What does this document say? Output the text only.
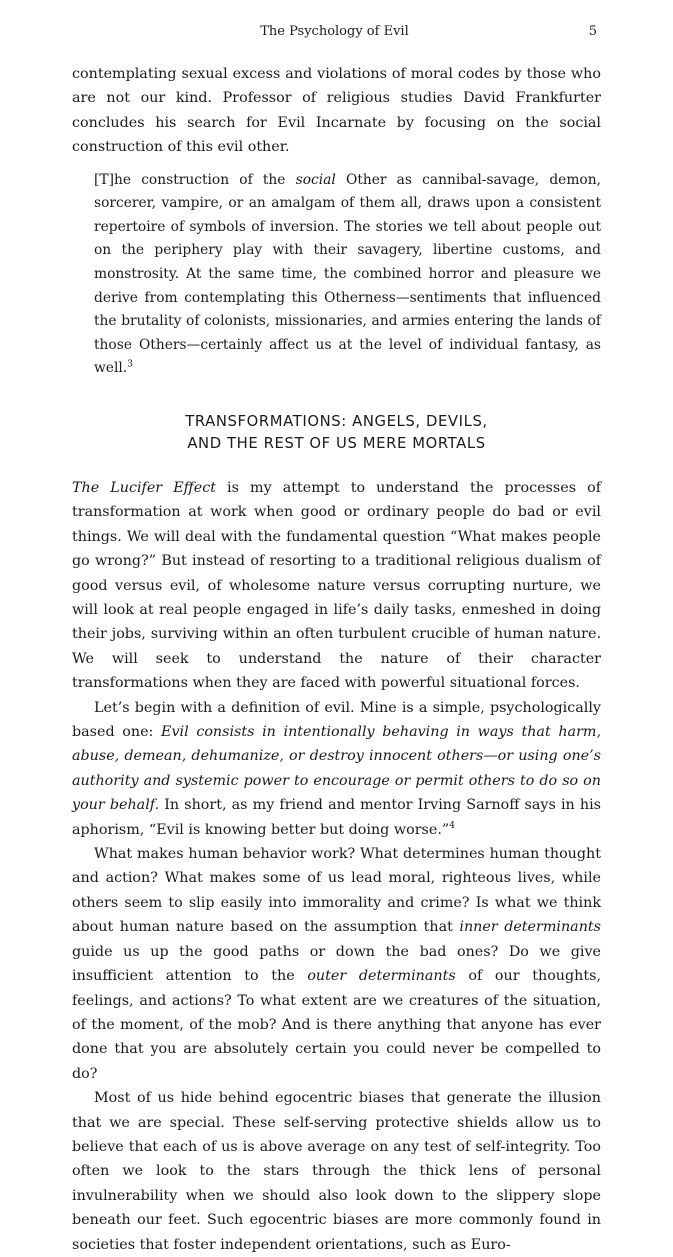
The Psychology of Evil	5

contemplating sexual excess and violations of moral codes by those who are not our kind. Professor of religious studies David Frankfurter concludes his search for Evil Incarnate by focusing on the social construction of this evil other.

[T]he construction of the social Other as cannibal-savage, demon, sorcerer, vampire, or an amalgam of them all, draws upon a consistent repertoire of symbols of inversion. The stories we tell about people out on the periphery play with their savagery, libertine customs, and monstrosity. At the same time, the combined horror and pleasure we derive from contemplating this Otherness—sentiments that influenced the brutality of colonists, missionaries, and armies entering the lands of those Others—certainly affect us at the level of individual fantasy, as well.$^3$

TRANSFORMATIONS: ANGELS, DEVILS,
AND THE REST OF US MERE MORTALS

The Lucifer Effect is my attempt to understand the processes of transformation at work when good or ordinary people do bad or evil things. We will deal with the fundamental question “What makes people go wrong?” But instead of resorting to a traditional religious dualism of good versus evil, of wholesome nature versus corrupting nurture, we will look at real people engaged in life’s daily tasks, enmeshed in doing their jobs, surviving within an often turbulent crucible of human nature. We will seek to understand the nature of their character transformations when they are faced with powerful situational forces.

Let’s begin with a definition of evil. Mine is a simple, psychologically based one: Evil consists in intentionally behaving in ways that harm, abuse, demean, dehumanize, or destroy innocent others—or using one’s authority and systemic power to encourage or permit others to do so on your behalf. In short, as my friend and mentor Irving Sarnoff says in his aphorism, “Evil is knowing better but doing worse.”$^4$

What makes human behavior work? What determines human thought and action? What makes some of us lead moral, righteous lives, while others seem to slip easily into immorality and crime? Is what we think about human nature based on the assumption that inner determinants guide us up the good paths or down the bad ones? Do we give insufficient attention to the outer determinants of our thoughts, feelings, and actions? To what extent are we creatures of the situation, of the moment, of the mob? And is there anything that anyone has ever done that you are absolutely certain you could never be compelled to do?

Most of us hide behind egocentric biases that generate the illusion that we are special. These self-serving protective shields allow us to believe that each of us is above average on any test of self-integrity. Too often we look to the stars through the thick lens of personal invulnerability when we should also look down to the slippery slope beneath our feet. Such egocentric biases are more commonly found in societies that foster independent orientations, such as Euro-
